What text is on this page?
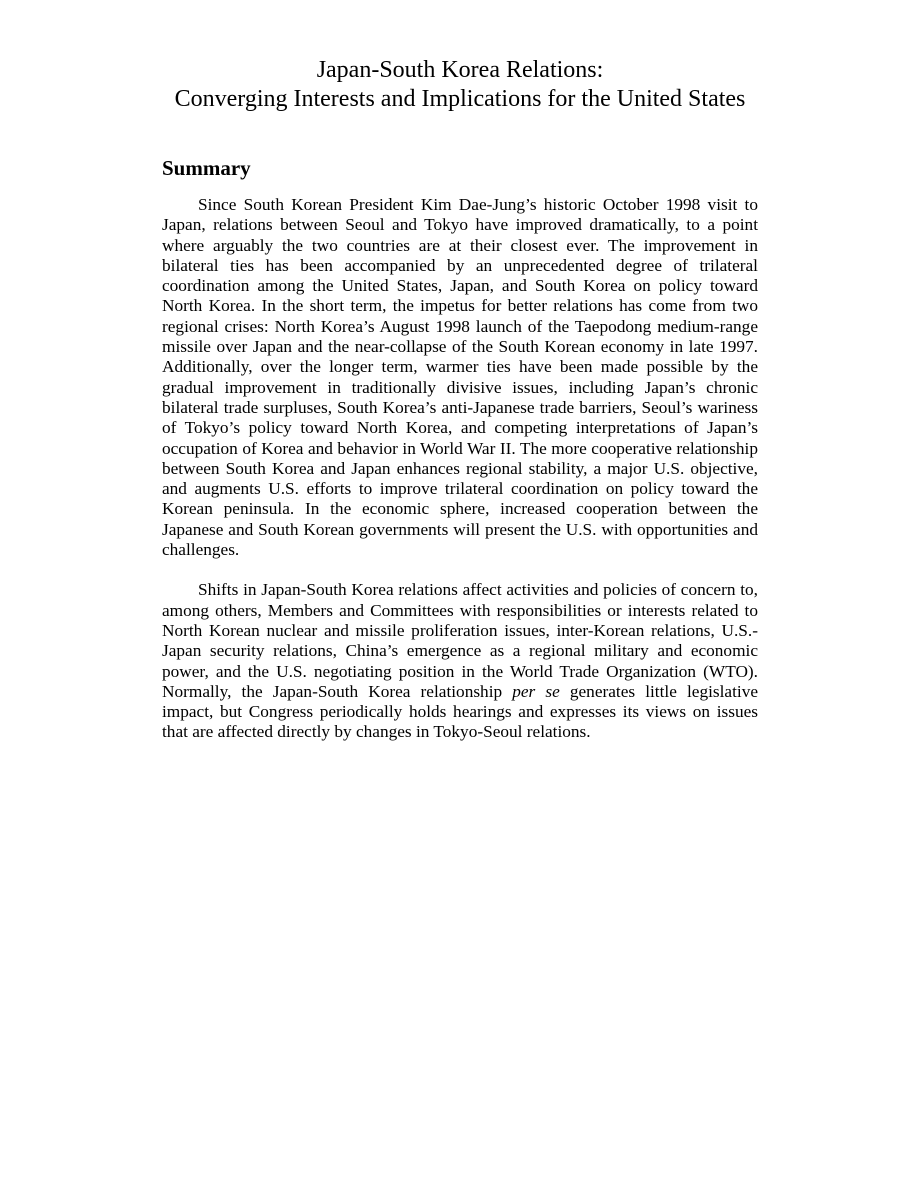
Japan-South Korea Relations:
Converging Interests and Implications for the United States
Summary

Since South Korean President Kim Dae-Jung’s historic October 1998 visit to Japan, relations between Seoul and Tokyo have improved dramatically, to a point where arguably the two countries are at their closest ever. The improvement in bilateral ties has been accompanied by an unprecedented degree of trilateral coordination among the United States, Japan, and South Korea on policy toward North Korea. In the short term, the impetus for better relations has come from two regional crises: North Korea’s August 1998 launch of the Taepodong medium-range missile over Japan and the near-collapse of the South Korean economy in late 1997. Additionally, over the longer term, warmer ties have been made possible by the gradual improvement in traditionally divisive issues, including Japan’s chronic bilateral trade surpluses, South Korea’s anti-Japanese trade barriers, Seoul’s wariness of Tokyo’s policy toward North Korea, and competing interpretations of Japan’s occupation of Korea and behavior in World War II. The more cooperative relationship between South Korea and Japan enhances regional stability, a major U.S. objective, and augments U.S. efforts to improve trilateral coordination on policy toward the Korean peninsula. In the economic sphere, increased cooperation between the Japanese and South Korean governments will present the U.S. with opportunities and challenges.

Shifts in Japan-South Korea relations affect activities and policies of concern to, among others, Members and Committees with responsibilities or interests related to North Korean nuclear and missile proliferation issues, inter-Korean relations, U.S.-Japan security relations, China’s emergence as a regional military and economic power, and the U.S. negotiating position in the World Trade Organization (WTO). Normally, the Japan-South Korea relationship per se generates little legislative impact, but Congress periodically holds hearings and expresses its views on issues that are affected directly by changes in Tokyo-Seoul relations.
